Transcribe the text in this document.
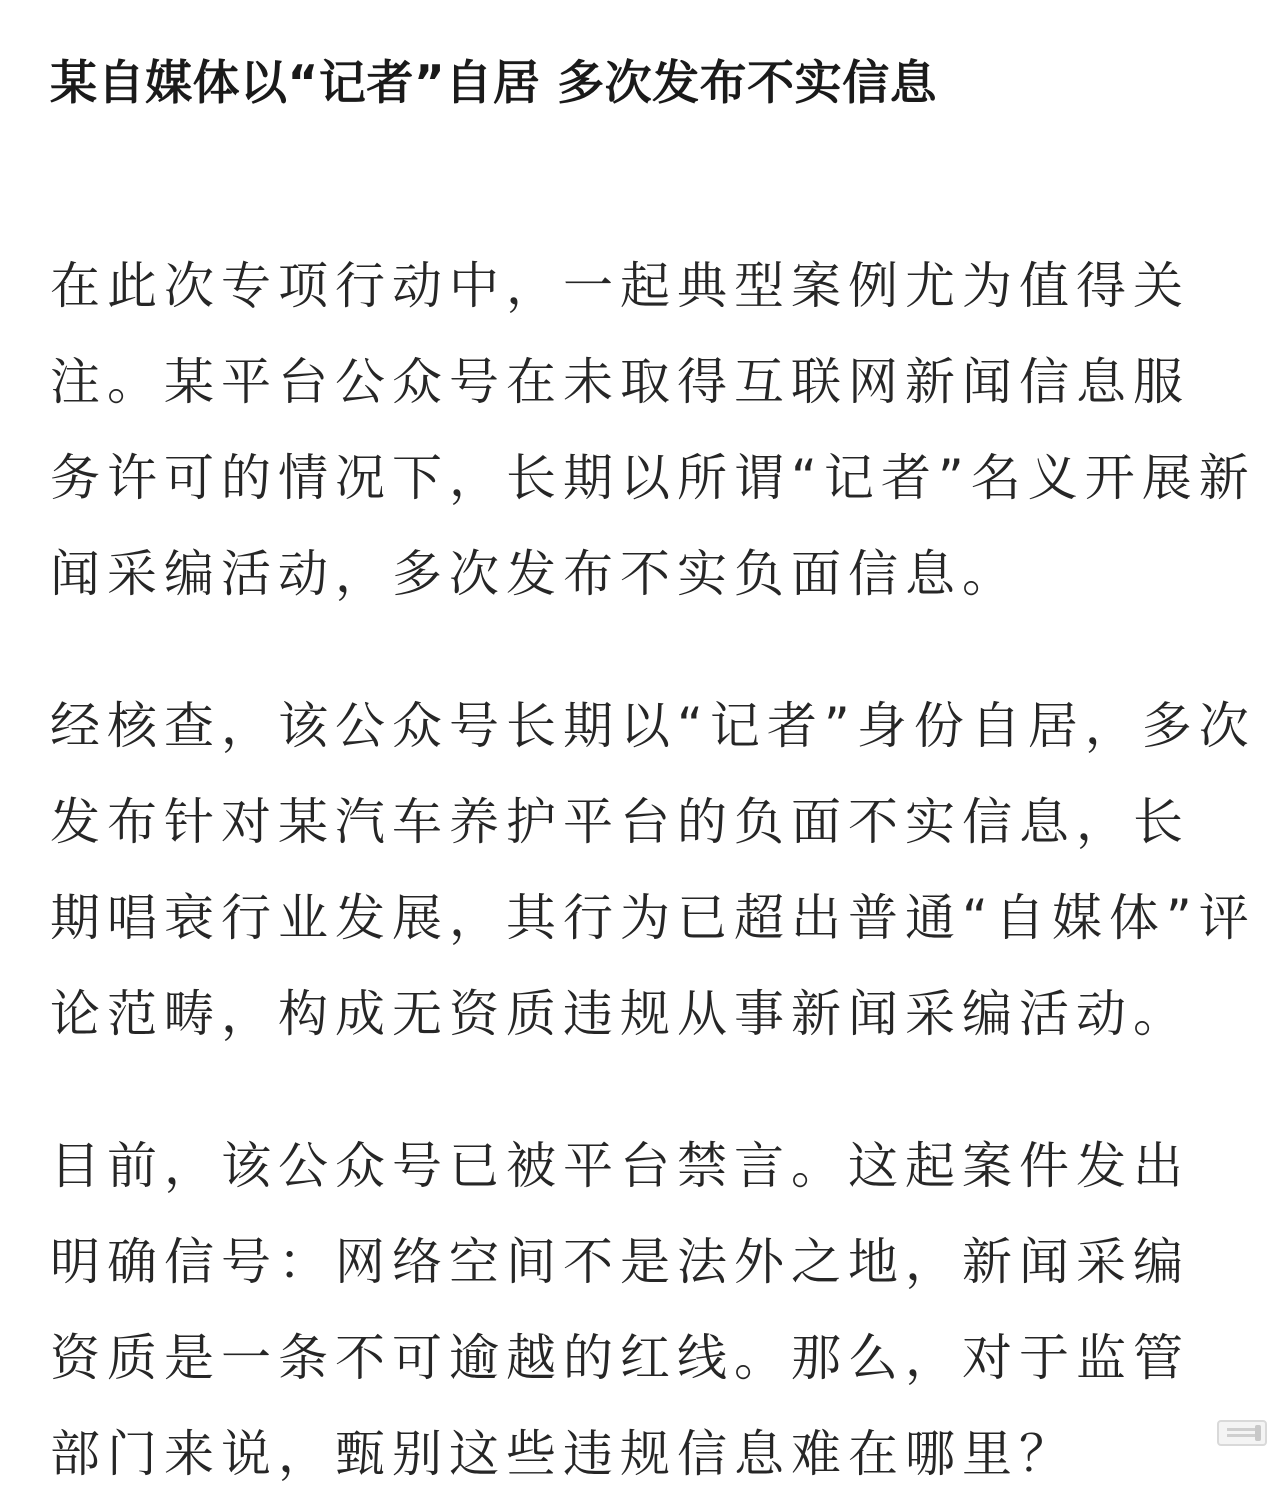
某自媒体以“记者”自居 多次发布不实信息

在此次专项行动中，一起典型案例尤为值得关
注。某平台公众号在未取得互联网新闻信息服
务许可的情况下，长期以所谓“记者”名义开展新
闻采编活动，多次发布不实负面信息。

经核查，该公众号长期以“记者”身份自居，多次
发布针对某汽车养护平台的负面不实信息，长
期唱衰行业发展，其行为已超出普通“自媒体”评
论范畴，构成无资质违规从事新闻采编活动。

目前，该公众号已被平台禁言。这起案件发出
明确信号：网络空间不是法外之地，新闻采编
资质是一条不可逾越的红线。那么，对于监管
部门来说，甄别这些违规信息难在哪里？
